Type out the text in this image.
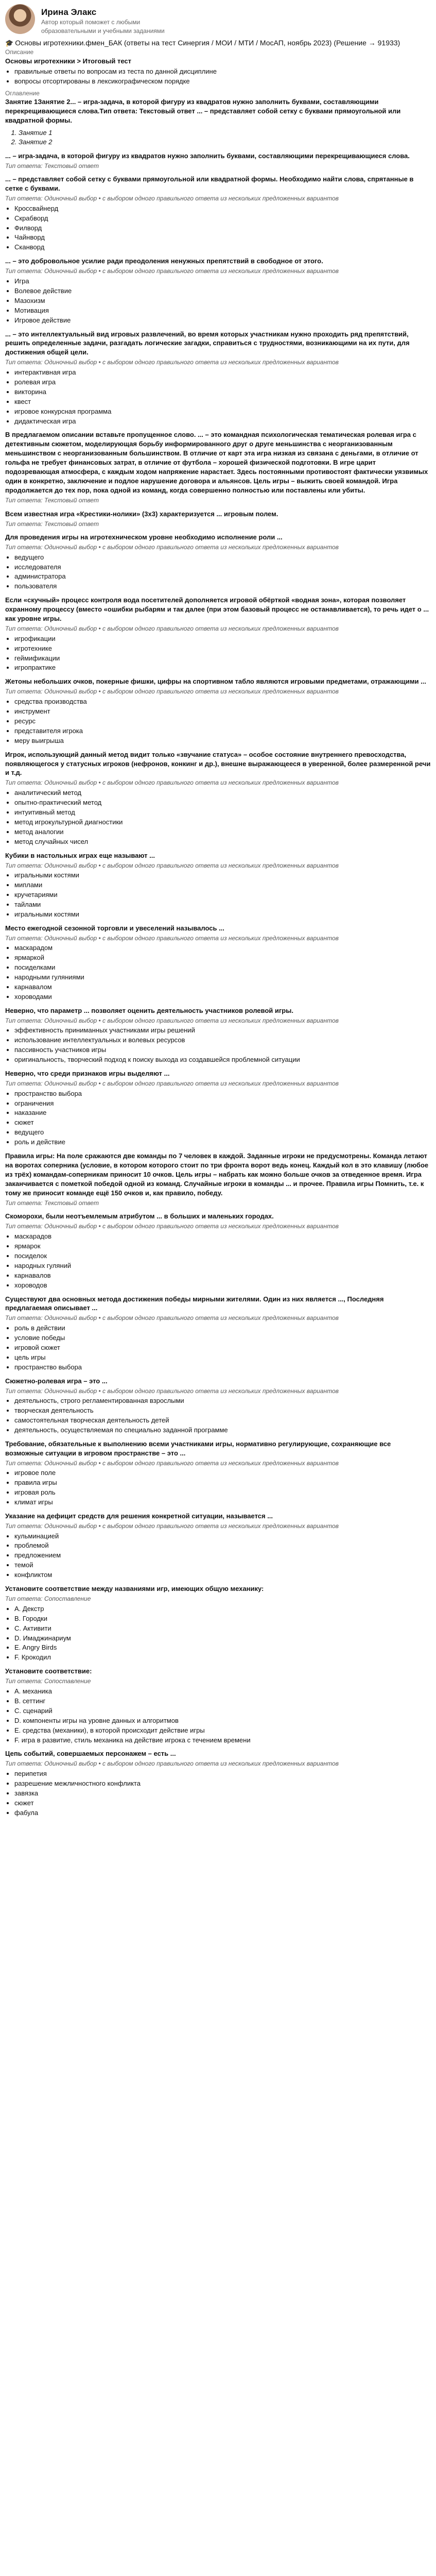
Ирина Элакс
Автор который поможет с любыми образовательными и учебными заданиями
🎓 Основы игротехники.фмен_БАК (ответы на тест Синергия / МОИ / МТИ / МосАП, ноябрь 2023) (Решение → 91933)
Описание
Основы игротехники > Итоговый тест
• правильные ответы по вопросам из теста по данной дисциплине
• вопросы отсортированы в лексикографическом порядке
Оглавление
Занятие 1Занятие 2... – игра-задача, в которой фигуру из квадратов нужно заполнить буквами, составляющими перекрещивающиеся слова.Тип ответа: Текстовый ответ ... – представляет собой сетку с буквами прямоугольной или квадратной формы.
1. Занятие 1
2. Занятие 2
... – игра-задача, в которой фигуру из квадратов нужно заполнить буквами, составляющими перекрещивающиеся слова.
Тип ответа: Текстовый ответ
... – представляет собой сетку с буквами прямоугольной или квадратной формы. Необходимо найти слова, спрятанные в сетке с буквами.
Тип ответа: Одиночный выбор • с выбором одного правильного ответа из нескольких предложенных вариантов
• Кроссвайнерд
• Скрабворд
• Филворд
• Чайнворд
• Сканворд
... – это добровольное усилие ради преодоления ненужных препятствий в свободное от этого.
Тип ответа: Одиночный выбор • с выбором одного правильного ответа из нескольких предложенных вариантов
• Игра
• Волевое действие
• Мазохизм
• Мотивация
• Игровое действие
... – это интеллектуальный вид игровых развлечений, во время которых участникам нужно проходить ряд препятствий, решить определенные задачи, разгадать логические загадки, справиться с трудностями, возникающими на их пути, для достижения общей цели.
Тип ответа: Одиночный выбор • с выбором одного правильного ответа из нескольких предложенных вариантов
• интерактивная игра
• ролевая игра
• викторина
• квест
• игровое конкурсная программа
• дидактическая игра
В предлагаемом описании вставьте пропущенное слово. ... – это командная психологическая тематическая ролевая игра с детективным сюжетом, моделирующая борьбу информированного друг о друге меньшинства с неорганизованным меньшинством с неорганизованным большинством. В отличие от карт эта игра низкая из связана с деньгами, в отличие от гольфа не требует финансовых затрат, в отличие от футбола – хорошей физической подготовки. В игре царит подозревающая атмосфера, с каждым ходом напряжение нарастает. Здесь постоянными противостоят фактически уязвимых один в конкретно, заключение и подлое нарушение договора и альянсов. Цель игры – выжить своей командой. Игра продолжается до тех пор, пока одной из команд, когда совершенно полностью или поставлены или убиты.
Тип ответа: Текстовый ответ
Всем известная игра «Крестики-нолики» (3х3) характеризуется ... игровым полем.
Тип ответа: Текстовый ответ
Для проведения игры на игротехническом уровне необходимо исполнение роли ...
Тип ответа: Одиночный выбор • с выбором одного правильного ответа из нескольких предложенных вариантов
• ведущего
• исследователя
• администратора
• пользователя
Если «скучный» процесс контроля вода посетителей дополняется игровой обёрткой «водная зона», которая позволяет охранному процессу (вместо «ошибки рыбарям и так далее (при этом базовый процесс не останавливается), то речь идет о ... как уровне игры.
Тип ответа: Одиночный выбор • с выбором одного правильного ответа из нескольких предложенных вариантов
• игрофикации
• игротехнике
• геймификации
• игропрактике
Жетоны небольших очков, покерные фишки, цифры на спортивном табло являются игровыми предметами, отражающими ...
Тип ответа: Одиночный выбор • с выбором одного правильного ответа из нескольких предложенных вариантов
• средства производства
• инструмент
• ресурс
• представителя игрока
• меру выигрыша
Игрок, использующий данный метод видит только «звучание статуса» – особое состояние внутреннего превосходства, появляющегося у статусных игроков (нефронов, конкинг и др.), внешне выражающееся в уверенной, более размеренной речи и т.д.
Тип ответа: Одиночный выбор • с выбором одного правильного ответа из нескольких предложенных вариантов
• аналитический метод
• опытно-практический метод
• интуитивный метод
• метод игрокультурной диагностики
• метод аналогии
• метод случайных чисел
Кубики в настольных играх еще называют ...
Тип ответа: Одиночный выбор • с выбором одного правильного ответа из нескольких предложенных вариантов
• игральными костями
• миплами
• кручетариями
• тайлами
• игральными костями
Место ежегодной сезонной торговли и увеселений называлось ...
Тип ответа: Одиночный выбор • с выбором одного правильного ответа из нескольких предложенных вариантов
• маскарадом
• ярмаркой
• посиделками
• народными гуляниями
• карнавалом
• хороводами
Неверно, что параметр ... позволяет оценить деятельность участников ролевой игры.
Тип ответа: Одиночный выбор • с выбором одного правильного ответа из нескольких предложенных вариантов
• эффективность приниманных участниками игры решений
• использование интеллектуальных и волевых ресурсов
• пассивность участников игры
• оригинальность, творческий подход к поиску выхода из создавшейся проблемной ситуации
Неверно, что среди признаков игры выделяют ...
Тип ответа: Одиночный выбор • с выбором одного правильного ответа из нескольких предложенных вариантов
• пространство выбора
• ограничения
• наказание
• сюжет
• ведущего
• роль и действие
Правила игры: На поле сражаются две команды по 7 человек в каждой. Заданные игроки не предусмотрены. Команда летают на воротах соперника (условие, в котором которого стоит по три фронта ворот ведь конец. Каждый кол в это клавишу (любое из трёх) командам-соперникам приносит 10 очков. Цель игры – набрать как можно больше очков за отведенное время. Игра заканчивается с пометкой победой одной из команд. Случайные игроки в команды ... и прочее. Правила игры Помнить, т.е. к тому же приносит команде ещё 150 очков и, как правило, победу.
Тип ответа: Текстовый ответ
Скоморохи, были неотъемлемым атрибутом ... в больших и маленьких городах.
Тип ответа: Одиночный выбор • с выбором одного правильного ответа из нескольких предложенных вариантов
• маскарадов
• ярмарок
• посиделок
• народных гуляний
• карнавалов
• хороводов
Существуют два основных метода достижения победы мирными жителями. Один из них является ..., Последняя предлагаемая описывает ...
Тип ответа: Одиночный выбор • с выбором одного правильного ответа из нескольких предложенных вариантов
• роль в действии
• условие победы
• игровой сюжет
• цель игры
• пространство выбора
Сюжетно-ролевая игра – это ...
Тип ответа: Одиночный выбор • с выбором одного правильного ответа из нескольких предложенных вариантов
• деятельность, строго регламентированная взрослыми
• творческая деятельность
• самостоятельная творческая деятельность детей
• деятельность, осуществляемая по специально заданной программе
Требование, обязательные к выполнению всеми участниками игры, нормативно регулирующие, сохраняющие все возможные ситуации в игровом пространстве – это ...
Тип ответа: Одиночный выбор • с выбором одного правильного ответа из нескольких предложенных вариантов
• игровое поле
• правила игры
• игровая роль
• климат игры
Указание на дефицит средств для решения конкретной ситуации, называется ...
Тип ответа: Одиночный выбор • с выбором одного правильного ответа из нескольких предложенных вариантов
• кульминацией
• проблемой
• предложением
• темой
• конфликтом
Установите соответствие между названиями игр, имеющих общую механику:
Тип ответа: Сопоставление
• A. Декстр
• B. Городки
• C. Активити
• D. Имаджинариум
• E. Angry Birds
• F. Крокодил
Установите соответствие:
Тип ответа: Сопоставление
• A. механика
• B. сеттинг
• C. сценарий
• D. компоненты игры на уровне данных и алгоритмов
• E. средства (механики), в которой происходит действие игры
• F. игра в развитие, стиль механика на действие игрока с течением времени
Цепь событий, совершаемых персонажем – есть ...
Тип ответа: Одиночный выбор • с выбором одного правильного ответа из нескольких предложенных вариантов
• перипетия
• разрешение межличностного конфликта
• завязка
• сюжет
• фабула
